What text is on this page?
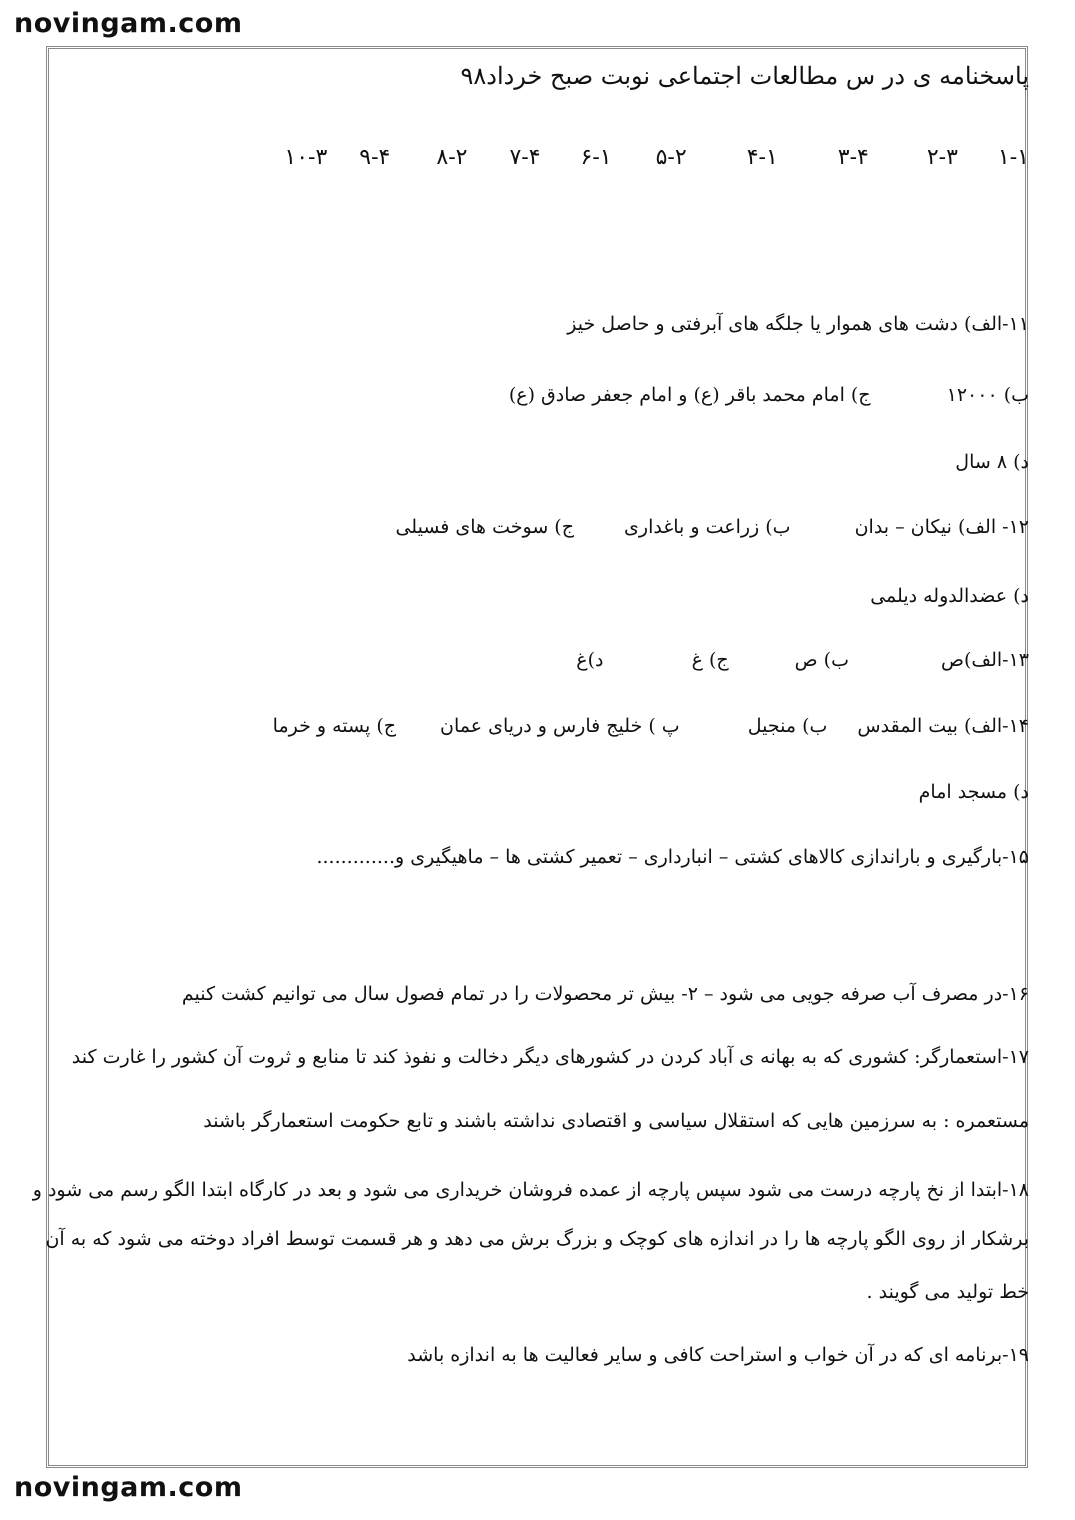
novingam.com
پاسخنامه ی در س مطالعات اجتماعی نوبت صبح خرداد۹۸
۱-۱
۲-۳
۳-۴
۴-۱
۵-۲
۶-۱
۷-۴
۸-۲
۹-۴
۱۰-۳
۱۱-الف) دشت های هموار یا جلگه های آبرفتی و حاصل خیز
ب) ۱۲۰۰۰ ج) امام محمد باقر (ع) و امام جعفر صادق (ع)
د) ۸ سال
۱۲- الف) نیکان – بدان ب) زراعت و باغداری ج) سوخت های فسیلی
د) عضدالدوله دیلمی
۱۳-الف)ص ب) ص ج) غ د)غ
۱۴-الف) بیت المقدس ب) منجیل پ ) خلیج فارس و دریای عمان ج) پسته و خرما
د) مسجد امام
۱۵-بارگیری و باراندازی کالاهای کشتی – انبارداری – تعمیر کشتی ها – ماهیگیری و.............
۱۶-در مصرف آب صرفه جویی می شود – ۲- بیش تر محصولات را در تمام فصول سال می توانیم کشت کنیم
۱۷-استعمارگر: کشوری که به بهانه ی آباد کردن در کشورهای دیگر دخالت و نفوذ کند تا منابع و ثروت آن کشور را غارت کند
مستعمره : به سرزمین هایی که استقلال سیاسی و اقتصادی نداشته باشند و تابع حکومت استعمارگر باشند
۱۸-ابتدا از نخ پارچه درست می شود سپس پارچه از عمده فروشان خریداری می شود و بعد در کارگاه ابتدا الگو رسم می شود و
برشکار از روی الگو پارچه ها را در اندازه های کوچک و بزرگ برش می دهد و هر قسمت توسط افراد دوخته می شود که به آن
خط تولید می گویند .
۱۹-برنامه ای که در آن خواب و استراحت کافی و سایر فعالیت ها به اندازه باشد
novingam.com
